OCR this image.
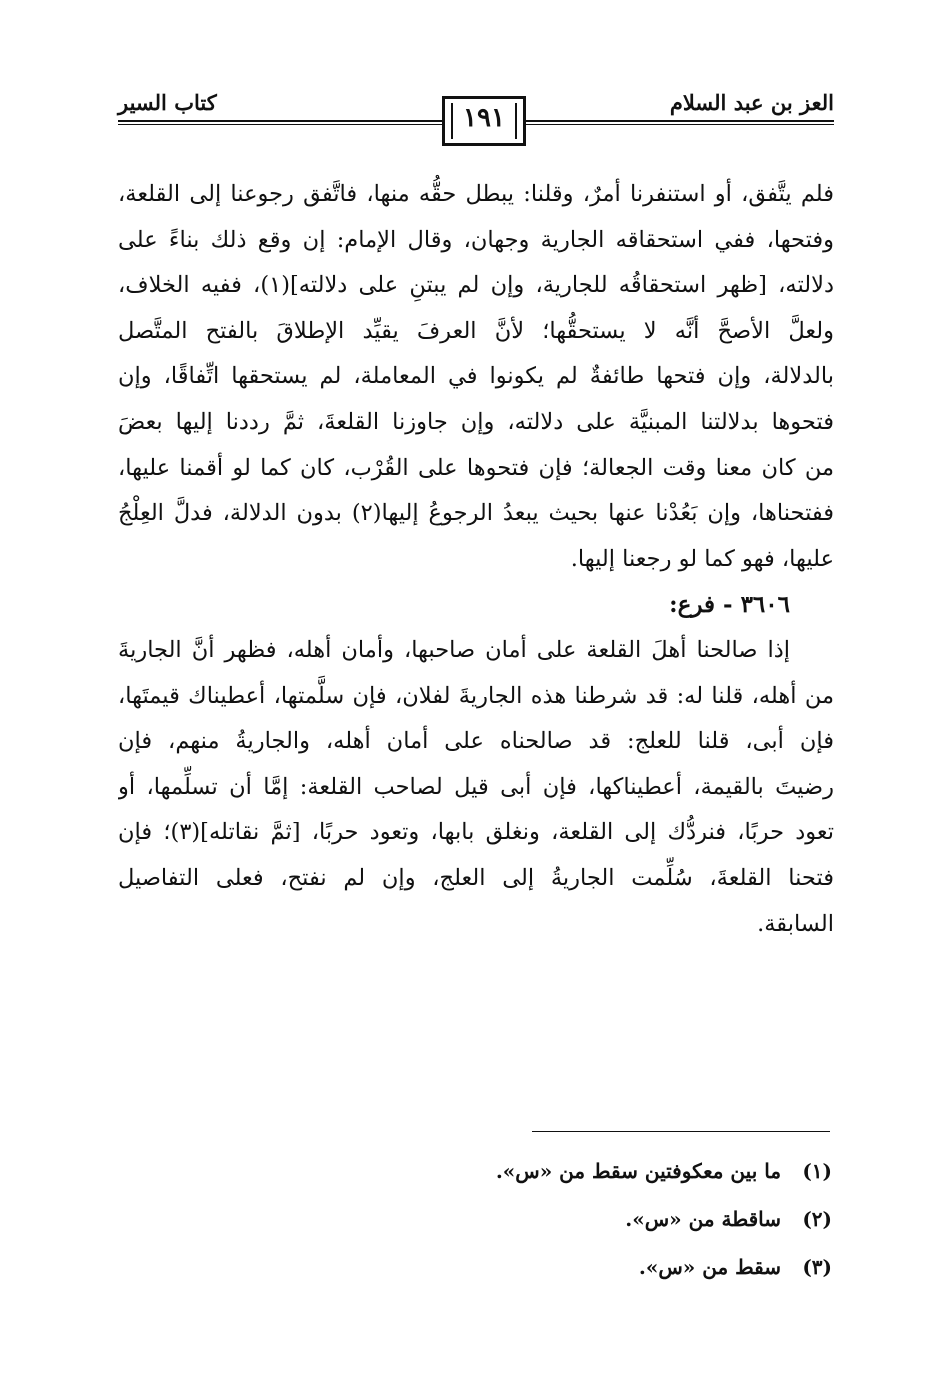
العز بن عبد السلام
كتاب السير
١٩١
فلم يتَّفق، أو استنفرنا أمرٌ، وقلنا: يبطل حقُّه منها، فاتَّفق رجوعنا إلى القلعة،
وفتحها، ففي استحقاقه الجارية وجهان، وقال الإمام: إن وقع ذلك بناءً على
دلالته، [ظهر استحقاقُه للجارية، وإن لم يبتنِ على دلالته](١)، ففيه الخلاف،
ولعلَّ الأصحَّ أنَّه لا يستحقُّها؛ لأنَّ العرفَ يقيِّد الإطلاقَ بالفتح المتَّصل
بالدلالة، وإن فتحها طائفةٌ لم يكونوا في المعاملة، لم يستحقها اتِّفاقًا، وإن
فتحوها بدلالتنا المبنيَّة على دلالته، وإن جاوزنا القلعةَ، ثمَّ رددنا إليها بعضَ
من كان معنا وقت الجعالة؛ فإن فتحوها على القُرْب، كان كما لو أقمنا عليها،
ففتحناها، وإن بَعُدْنا عنها بحيث يبعدُ الرجوعُ إليها(٢) بدون الدلالة، فدلَّ العِلْجُ
عليها، فهو كما لو رجعنا إليها.
٣٦٠٦ - فرع:
إذا صالحنا أهلَ القلعة على أمان صاحبها، وأمان أهله، فظهر أنَّ الجاريةَ
من أهله، قلنا له: قد شرطنا هذه الجاريةَ لفلان، فإن سلَّمتها، أعطيناك قيمتَها،
فإن أبى، قلنا للعلج: قد صالحناه على أمان أهله، والجاريةُ منهم، فإن
رضيتَ بالقيمة، أعطيناكها، فإن أبى قيل لصاحب القلعة: إمَّا أن تسلِّمها، أو
تعود حربًا، فنردُّك إلى القلعة، ونغلق بابها، وتعود حربًا، [ثمَّ نقاتله](٣)؛ فإن
فتحنا القلعةَ، سُلِّمت الجاريةُ إلى العلج، وإن لم نفتح، فعلى التفاصيل
السابقة.
(١) ما بين معكوفتين سقط من «س».
(٢) ساقطة من «س».
(٣) سقط من «س».
